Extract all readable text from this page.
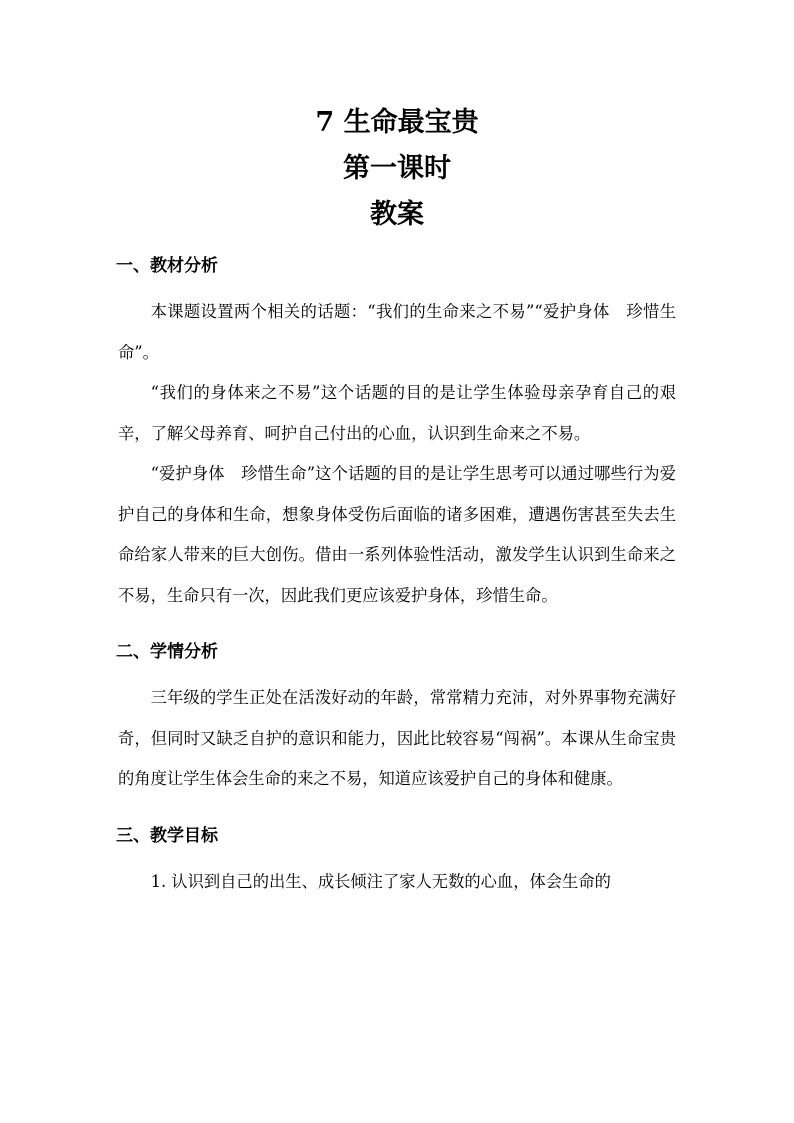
7 生命最宝贵
第一课时
教案
一、教材分析

本课题设置两个相关的话题：“我们的生命来之不易”“爱护身体　珍惜生命”。

“我们的身体来之不易”这个话题的目的是让学生体验母亲孕育自己的艰辛，了解父母养育、呵护自己付出的心血，认识到生命来之不易。

“爱护身体　珍惜生命”这个话题的目的是让学生思考可以通过哪些行为爱护自己的身体和生命，想象身体受伤后面临的诸多困难，遭遇伤害甚至失去生命给家人带来的巨大创伤。借由一系列体验性活动，激发学生认识到生命来之不易，生命只有一次，因此我们更应该爱护身体，珍惜生命。

二、学情分析

三年级的学生正处在活泼好动的年龄，常常精力充沛，对外界事物充满好奇，但同时又缺乏自护的意识和能力，因此比较容易“闯祸”。本课从生命宝贵的角度让学生体会生命的来之不易，知道应该爱护自己的身体和健康。

三、教学目标

1. 认识到自己的出生、成长倾注了家人无数的心血，体会生命的
